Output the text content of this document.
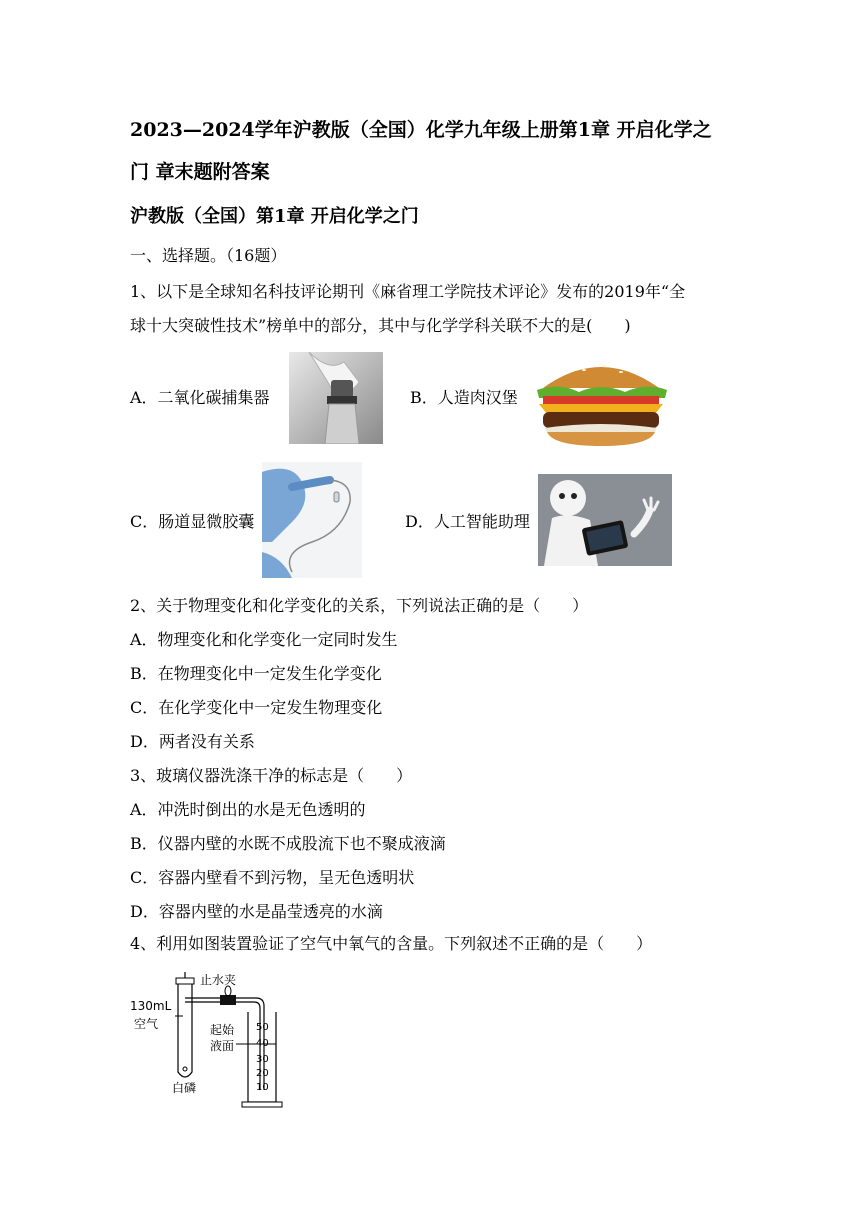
2023—2024学年沪教版（全国）化学九年级上册第1章 开启化学之
门 章末题附答案
沪教版（全国）第1章 开启化学之门
一、选择题。（16题）
1、以下是全球知名科技评论期刊《麻省理工学院技术评论》发布的2019年“全
球十大突破性技术”榜单中的部分，其中与化学学科关联不大的是(　　)
A．二氧化碳捕集器	B．人造肉汉堡
C．肠道显微胶囊	D．人工智能助理
2、关于物理变化和化学变化的关系，下列说法正确的是（　　）
A．物理变化和化学变化一定同时发生
B．在物理变化中一定发生化学变化
C．在化学变化中一定发生物理变化
D．两者没有关系
3、玻璃仪器洗涤干净的标志是（　　）
A．冲洗时倒出的水是无色透明的
B．仪器内壁的水既不成股流下也不聚成液滴
C．容器内壁看不到污物，呈无色透明状
D．容器内壁的水是晶莹透亮的水滴
4、利用如图装置验证了空气中氧气的含量。下列叙述不正确的是（　　）
50
40
30
20
10
止水夹
130mL
空气	起始
液面
白磷
